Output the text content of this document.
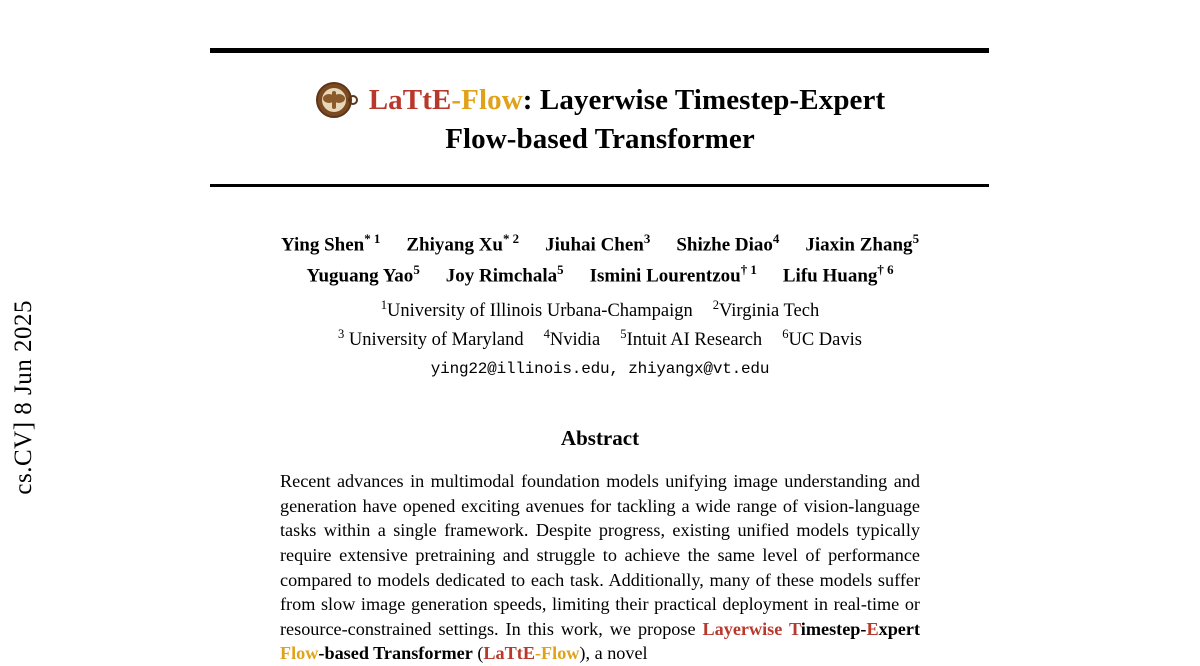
cs.CV] 8 Jun 2025
LaTtE-Flow: Layerwise Timestep-Expert
Flow-based Transformer
Ying Shen$^{* 1}$ Zhiyang Xu$^{* 2}$ Jiuhai Chen$^3$ Shizhe Diao$^4$ Jiaxin Zhang$^5$
Yuguang Yao$^5$ Joy Rimchala$^5$ Ismini Lourentzou$^{\dagger 1}$ Lifu Huang$^{\dagger 6}$
$^1$University of Illinois Urbana-Champaign $^2$Virginia Tech
$^3$ University of Maryland $^4$Nvidia $^5$Intuit AI Research $^6$UC Davis
ying22@illinois.edu, zhiyangx@vt.edu
Abstract
Recent advances in multimodal foundation models unifying image understanding and generation have opened exciting avenues for tackling a wide range of vision-language tasks within a single framework. Despite progress, existing unified models typically require extensive pretraining and struggle to achieve the same level of performance compared to models dedicated to each task. Additionally, many of these models suffer from slow image generation speeds, limiting their practical deployment in real-time or resource-constrained settings. In this work, we propose Layerwise Timestep-Expert Flow-based Transformer (LaTtE-Flow), a novel
